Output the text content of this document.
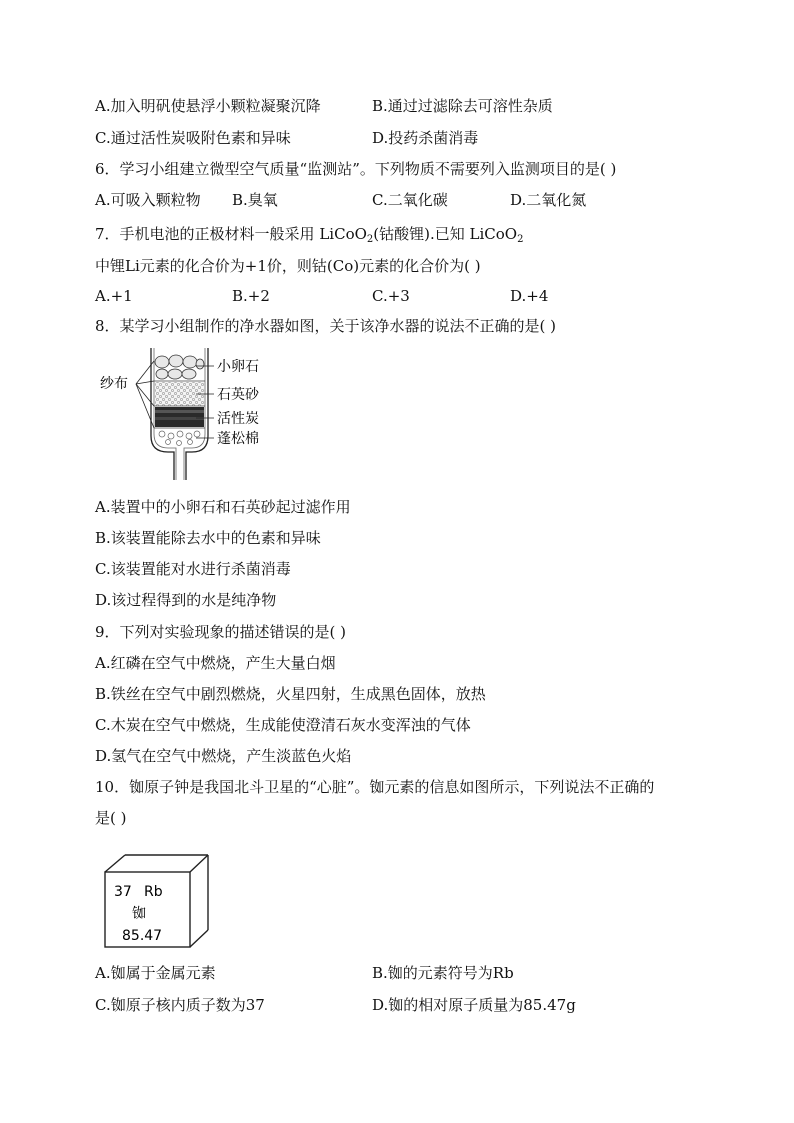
A.加入明矾使悬浮小颗粒凝聚沉降	B.通过过滤除去可溶性杂质
C.通过活性炭吸附色素和异味	D.投药杀菌消毒
6．学习小组建立微型空气质量“监测站”。下列物质不需要列入监测项目的是( )
A.可吸入颗粒物 B.臭氧	C.二氧化碳	D.二氧化氮
7．手机电池的正极材料一般采用 LiCoO$_2$(钴酸锂).已知 LiCoO$_2$
中锂Li元素的化合价为+1价，则钴(Co)元素的化合价为( )
A.+1	B.+2	C.+3	D.+4
8．某学习小组制作的净水器如图，关于该净水器的说法不正确的是( )
纱布
小卵石
石英砂
活性炭
蓬松棉
A.装置中的小卵石和石英砂起过滤作用
B.该装置能除去水中的色素和异味
C.该装置能对水进行杀菌消毒
D.该过程得到的水是纯净物
9．下列对实验现象的描述错误的是( )
A.红磷在空气中燃烧，产生大量白烟
B.铁丝在空气中剧烈燃烧，火星四射，生成黑色固体，放热
C.木炭在空气中燃烧，生成能使澄清石灰水变浑浊的气体
D.氢气在空气中燃烧，产生淡蓝色火焰
10．铷原子钟是我国北斗卫星的“心脏”。铷元素的信息如图所示，下列说法不正确的
是( )
37 Rb
铷
85.47
A.铷属于金属元素	B.铷的元素符号为Rb
C.铷原子核内质子数为37	D.铷的相对原子质量为85.47g
